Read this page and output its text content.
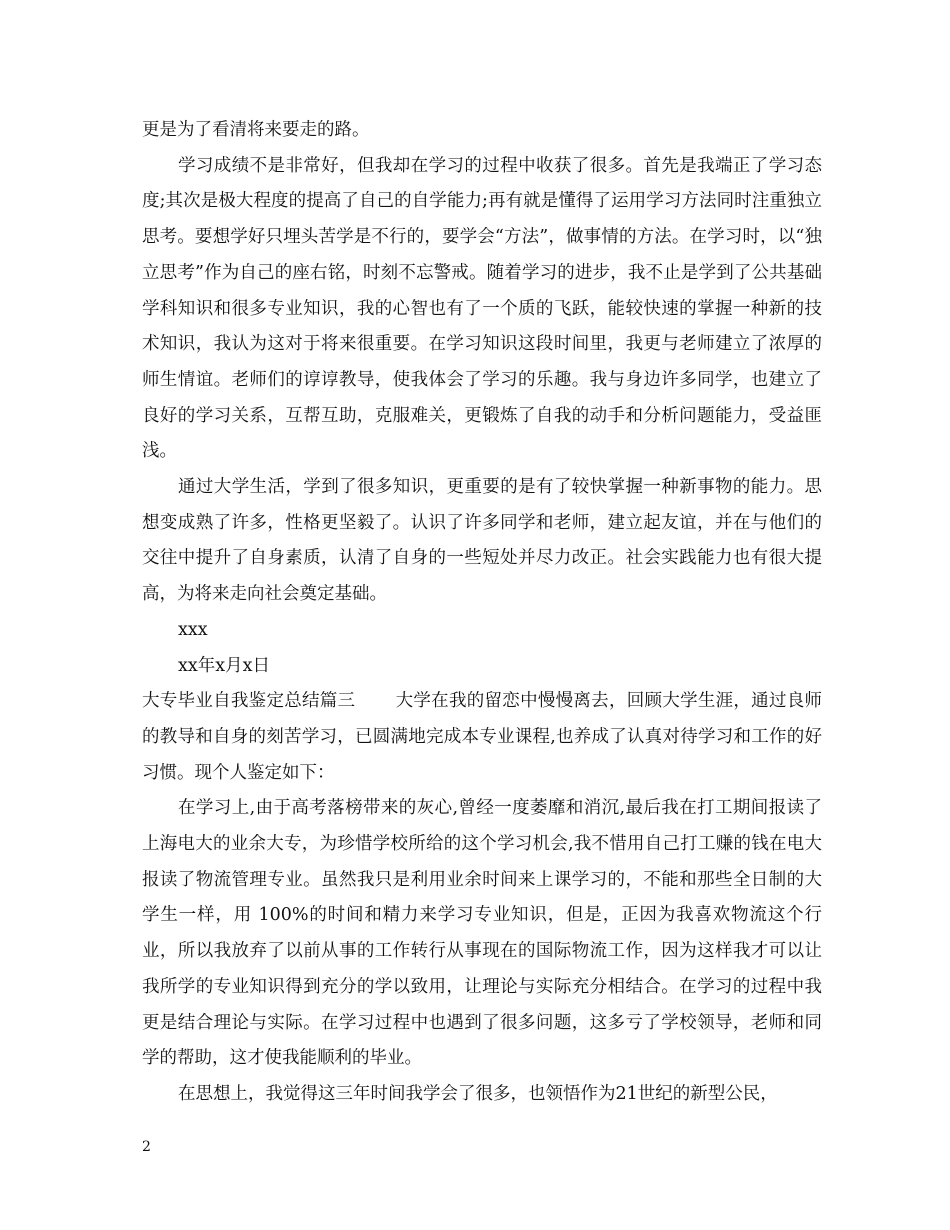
更是为了看清将来要走的路。

学习成绩不是非常好，但我却在学习的过程中收获了很多。首先是我端正了学习态度;其次是极大程度的提高了自己的自学能力;再有就是懂得了运用学习方法同时注重独立思考。要想学好只埋头苦学是不行的，要学会“方法”，做事情的方法。在学习时，以“独立思考”作为自己的座右铭，时刻不忘警戒。随着学习的进步，我不止是学到了公共基础学科知识和很多专业知识，我的心智也有了一个质的飞跃，能较快速的掌握一种新的技术知识，我认为这对于将来很重要。在学习知识这段时间里，我更与老师建立了浓厚的师生情谊。老师们的谆谆教导，使我体会了学习的乐趣。我与身边许多同学，也建立了良好的学习关系，互帮互助，克服难关，更锻炼了自我的动手和分析问题能力，受益匪浅。

通过大学生活，学到了很多知识，更重要的是有了较快掌握一种新事物的能力。思想变成熟了许多，性格更坚毅了。认识了许多同学和老师，建立起友谊，并在与他们的交往中提升了自身素质，认清了自身的一些短处并尽力改正。社会实践能力也有很大提高，为将来走向社会奠定基础。

xxx

xx年x月x日

大专毕业自我鉴定总结篇三 大学在我的留恋中慢慢离去，回顾大学生涯，通过良师的教导和自身的刻苦学习，已圆满地完成本专业课程,也养成了认真对待学习和工作的好习惯。现个人鉴定如下：

在学习上,由于高考落榜带来的灰心,曾经一度萎靡和消沉,最后我在打工期间报读了上海电大的业余大专，为珍惜学校所给的这个学习机会,我不惜用自己打工赚的钱在电大报读了物流管理专业。虽然我只是利用业余时间来上课学习的，不能和那些全日制的大学生一样，用 100%的时间和精力来学习专业知识，但是，正因为我喜欢物流这个行业，所以我放弃了以前从事的工作转行从事现在的国际物流工作，因为这样我才可以让我所学的专业知识得到充分的学以致用，让理论与实际充分相结合。在学习的过程中我更是结合理论与实际。在学习过程中也遇到了很多问题，这多亏了学校领导，老师和同学的帮助，这才使我能顺利的毕业。

在思想上，我觉得这三年时间我学会了很多，也领悟作为21世纪的新型公民，

2
